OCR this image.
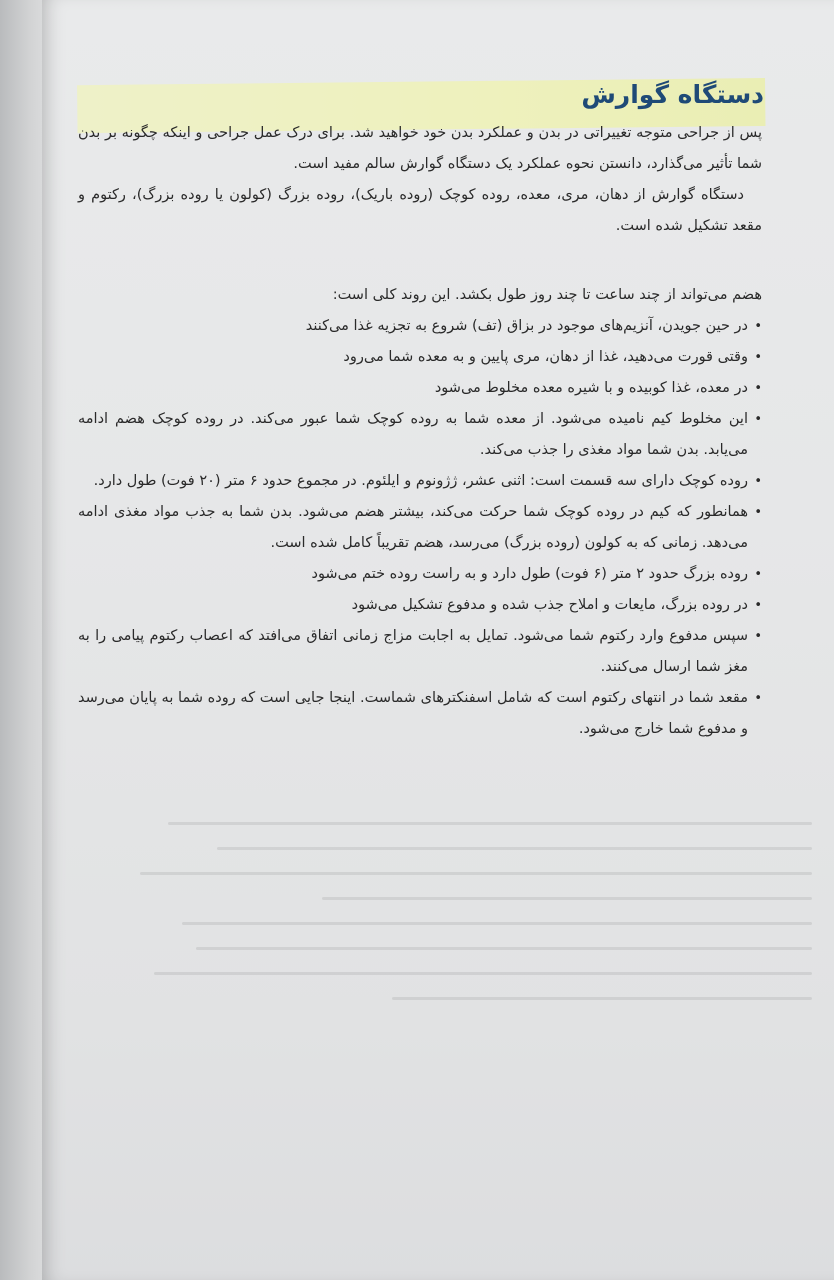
دستگاه گوارش

پس از جراحی متوجه تغییراتی در بدن و عملکرد بدن خود خواهید شد. برای درک عمل جراحی و اینکه چگونه بر بدن شما تأثیر می‌گذارد، دانستن نحوه عملکرد یک دستگاه گوارش سالم مفید است.

دستگاه گوارش از دهان، مری، معده، روده کوچک (روده باریک)، روده بزرگ (کولون یا روده بزرگ)، رکتوم و مقعد تشکیل شده است.

هضم می‌تواند از چند ساعت تا چند روز طول بکشد. این روند کلی است:

•
در حین جویدن، آنزیم‌های موجود در بزاق (تف) شروع به تجزیه غذا می‌کنند
•
وقتی قورت می‌دهید، غذا از دهان، مری پایین و به معده شما می‌رود
•
در معده، غذا کوبیده و با شیره معده مخلوط می‌شود
•
این مخلوط کیم نامیده می‌شود. از معده شما به روده کوچک شما عبور می‌کند. در روده کوچک هضم ادامه می‌یابد. بدن شما مواد مغذی را جذب می‌کند.
•
روده کوچک دارای سه قسمت است: اثنی عشر، ژژونوم و ایلئوم. در مجموع حدود ۶ متر (۲۰ فوت) طول دارد.
•
همانطور که کیم در روده کوچک شما حرکت می‌کند، بیشتر هضم می‌شود. بدن شما به جذب مواد مغذی ادامه می‌دهد. زمانی که به کولون (روده بزرگ) می‌رسد، هضم تقریباً کامل شده است.
•
روده بزرگ حدود ۲ متر (۶ فوت) طول دارد و به راست روده ختم می‌شود
•
در روده بزرگ، مایعات و املاح جذب شده و مدفوع تشکیل می‌شود
•
سپس مدفوع وارد رکتوم شما می‌شود. تمایل به اجابت مزاج زمانی اتفاق می‌افتد که اعصاب رکتوم پیامی را به مغز شما ارسال می‌کنند.
•
مقعد شما در انتهای رکتوم است که شامل اسفنکترهای شماست. اینجا جایی است که روده شما به پایان می‌رسد و مدفوع شما خارج می‌شود.
